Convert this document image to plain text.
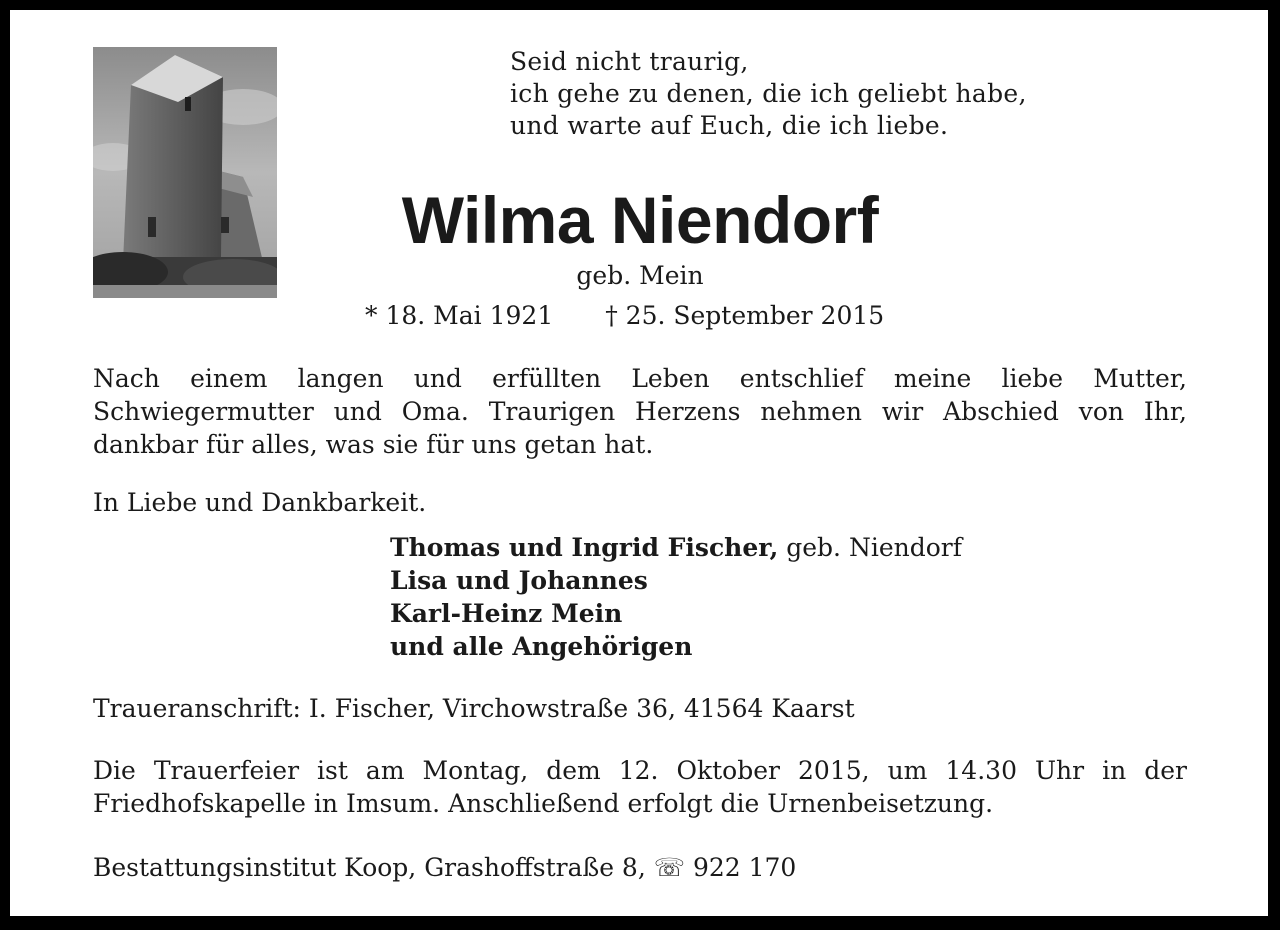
Seid nicht traurig,
ich gehe zu denen, die ich geliebt habe,
und warte auf Euch, die ich liebe.
Wilma Niendorf
geb. Mein
* 18. Mai 1921 † 25. September 2015
Nach einem langen und erfüllten Leben entschlief meine liebe Mutter, Schwiegermutter und Oma. Traurigen Herzens nehmen wir Abschied von Ihr, dankbar für alles, was sie für uns getan hat.
In Liebe und Dankbarkeit.
Thomas und Ingrid Fischer, geb. Niendorf
Lisa und Johannes
Karl-Heinz Mein
und alle Angehörigen
Traueranschrift: I. Fischer, Virchowstraße 36, 41564 Kaarst
Die Trauerfeier ist am Montag, dem 12. Oktober 2015, um 14.30 Uhr in der Friedhofskapelle in Imsum. Anschließend erfolgt die Urnenbeisetzung.
Bestattungsinstitut Koop, Grashoffstraße 8, ☏ 922 170
